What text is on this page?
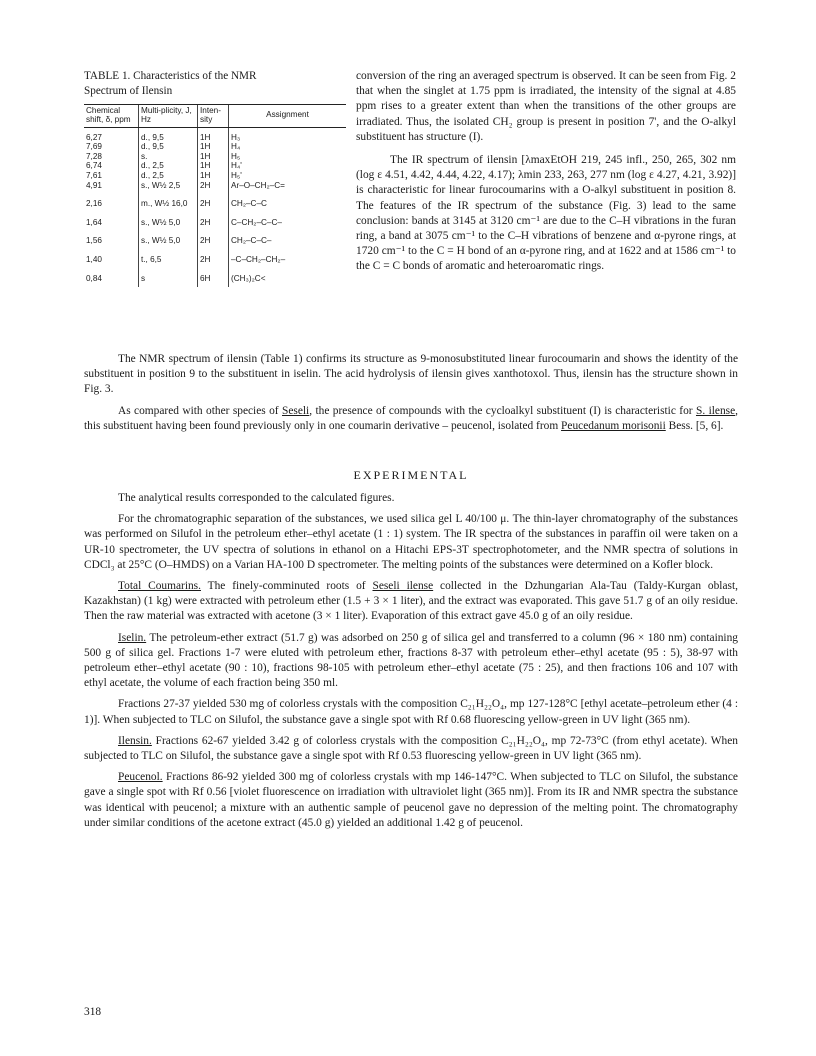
TABLE 1. Characteristics of the NMR
Spectrum of Ilensin
Chemical shift, δ, ppm	Multi-plicity, J, Hz	Inten-sity	Assignment
6,27	d., 9,5	1H	H₃
7,69	d., 9,5	1H	H₄
7,28	s.	1H	H₅
6,74	d., 2,5	1H	H₄'
7,61	d., 2,5	1H	H₅'
4,91	s., W½ 2,5	2H	Ar–O–CH₂–C=
2,16	m., W½ 16,0	2H	CH₂–C–C
1,64	s., W½ 5,0	2H	C–CH₂–C–C–
1,56	s., W½ 5,0	2H	CH₂–C–C–
1,40	t., 6,5	2H	–C–CH₂–CH₂–
0,84	s	6H	(CH₃)₂C<

conversion of the ring an averaged spectrum is observed. It can be seen from Fig. 2 that when the singlet at 1.75 ppm is irradiated, the intensity of the signal at 4.85 ppm rises to a greater extent than when the transitions of the other groups are irradiated. Thus, the isolated CH₂ group is present in position 7', and the O-alkyl substituent has structure (I).

The IR spectrum of ilensin [λmaxEtOH 219, 245 infl., 250, 265, 302 nm (log ε 4.51, 4.42, 4.44, 4.22, 4.17); λmin 233, 263, 277 nm (log ε 4.27, 4.21, 3.92)] is characteristic for linear furocoumarins with a O-alkyl substituent in position 8. The features of the IR spectrum of the substance (Fig. 3) lead to the same conclusion: bands at 3145 at 3120 cm⁻¹ are due to the C–H vibrations in the furan ring, a band at 3075 cm⁻¹ to the C–H vibrations of benzene and α-pyrone rings, at 1720 cm⁻¹ to the C = H bond of an α-pyrone ring, and at 1622 and at 1586 cm⁻¹ to the C = C bonds of aromatic and heteroaromatic rings.

The NMR spectrum of ilensin (Table 1) confirms its structure as 9-monosubstituted linear furocoumarin and shows the identity of the substituent in position 9 to the substituent in iselin. The acid hydrolysis of ilensin gives xanthotoxol. Thus, ilensin has the structure shown in Fig. 3.

As compared with other species of Seseli, the presence of compounds with the cycloalkyl substituent (I) is characteristic for S. ilense, this substituent having been found previously only in one coumarin derivative – peucenol, isolated from Peucedanum morisonii Bess. [5, 6].

EXPERIMENTAL

The analytical results corresponded to the calculated figures.

For the chromatographic separation of the substances, we used silica gel L 40/100 μ. The thin-layer chromatography of the substances was performed on Silufol in the petroleum ether–ethyl acetate (1 : 1) system. The IR spectra of the substances in paraffin oil were taken on a UR-10 spectrometer, the UV spectra of solutions in ethanol on a Hitachi EPS-3T spectrophotometer, and the NMR spectra of solutions in CDCl₃ at 25°C (O–HMDS) on a Varian HA-100 D spectrometer. The melting points of the substances were determined on a Kofler block.

Total Coumarins. The finely-comminuted roots of Seseli ilense collected in the Dzhungarian Ala-Tau (Taldy-Kurgan oblast, Kazakhstan) (1 kg) were extracted with petroleum ether (1.5 + 3 × 1 liter), and the extract was evaporated. This gave 51.7 g of an oily residue. Then the raw material was extracted with acetone (3 × 1 liter). Evaporation of this extract gave 45.0 g of an oily residue.

Iselin. The petroleum-ether extract (51.7 g) was adsorbed on 250 g of silica gel and transferred to a column (96 × 180 nm) containing 500 g of silica gel. Fractions 1-7 were eluted with petroleum ether, fractions 8-37 with petroleum ether–ethyl acetate (95 : 5), 38-97 with petroleum ether–ethyl acetate (90 : 10), fractions 98-105 with petroleum ether–ethyl acetate (75 : 25), and then fractions 106 and 107 with ethyl acetate, the volume of each fraction being 350 ml.

Fractions 27-37 yielded 530 mg of colorless crystals with the composition C₂₁H₂₂O₄, mp 127-128°C [ethyl acetate–petroleum ether (4 : 1)]. When subjected to TLC on Silufol, the substance gave a single spot with Rf 0.68 fluorescing yellow-green in UV light (365 nm).

Ilensin. Fractions 62-67 yielded 3.42 g of colorless crystals with the composition C₂₁H₂₂O₄, mp 72-73°C (from ethyl acetate). When subjected to TLC on Silufol, the substance gave a single spot with Rf 0.53 fluorescing yellow-green in UV light (365 nm).

Peucenol. Fractions 86-92 yielded 300 mg of colorless crystals with mp 146-147°C. When subjected to TLC on Silufol, the substance gave a single spot with Rf 0.56 [violet fluorescence on irradiation with ultraviolet light (365 nm)]. From its IR and NMR spectra the substance was identical with peucenol; a mixture with an authentic sample of peucenol gave no depression of the melting point. The chromatography under similar conditions of the acetone extract (45.0 g) yielded an additional 1.42 g of peucenol.

318
